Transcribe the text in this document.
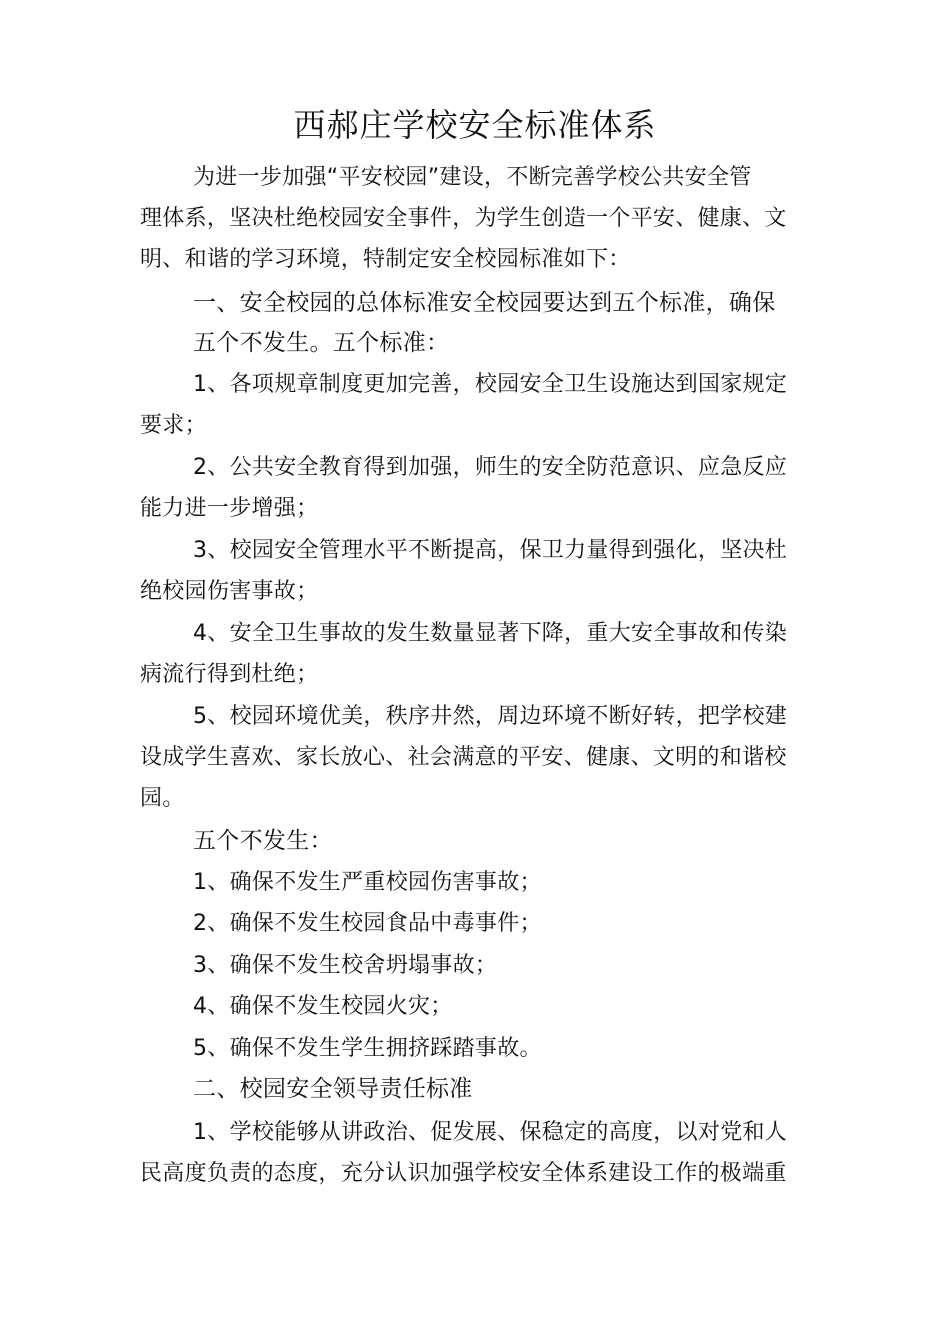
西郝庄学校安全标准体系
为进一步加强“平安校园”建设，不断完善学校公共安全管
理体系，坚决杜绝校园安全事件，为学生创造一个平安、健康、文
明、和谐的学习环境，特制定安全校园标准如下：
一、安全校园的总体标准安全校园要达到五个标准，确保
五个不发生。五个标准：
1、各项规章制度更加完善，校园安全卫生设施达到国家规定
要求；
2、公共安全教育得到加强，师生的安全防范意识、应急反应
能力进一步增强；
3、校园安全管理水平不断提高，保卫力量得到强化，坚决杜
绝校园伤害事故；
4、安全卫生事故的发生数量显著下降，重大安全事故和传染
病流行得到杜绝；
5、校园环境优美，秩序井然，周边环境不断好转，把学校建
设成学生喜欢、家长放心、社会满意的平安、健康、文明的和谐校
园。
五个不发生：
1、确保不发生严重校园伤害事故；
2、确保不发生校园食品中毒事件；
3、确保不发生校舍坍塌事故；
4、确保不发生校园火灾；
5、确保不发生学生拥挤踩踏事故。
二、校园安全领导责任标准
1、学校能够从讲政治、促发展、保稳定的高度，以对党和人
民高度负责的态度，充分认识加强学校安全体系建设工作的极端重
